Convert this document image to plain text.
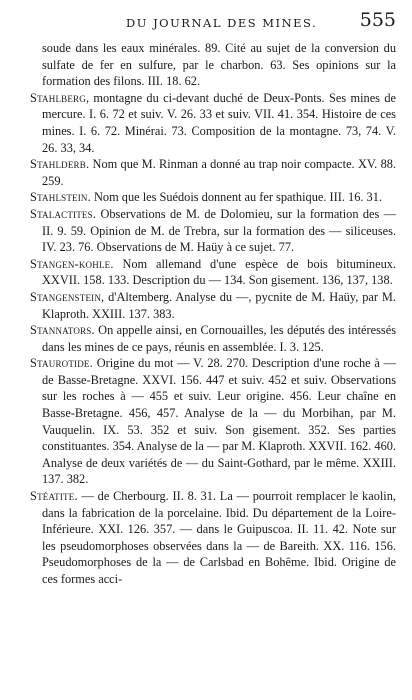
DU JOURNAL DES MINES. 555

soude dans les eaux minérales. 89. Cité au sujet de la conversion du sulfate de fer en sulfure, par le charbon. 63. Ses opinions sur la formation des filons. III. 18. 62.

Stahlberg, montagne du ci-devant duché de Deux-Ponts. Ses mines de mercure. I. 6. 72 et suiv. V. 26. 33 et suiv. VII. 41. 354. Histoire de ces mines. I. 6. 72. Minérai. 73. Composition de la montagne. 73, 74. V. 26. 33, 34.

Stahlderb. Nom que M. Rinman a donné au trap noir compacte. XV. 88. 259.

Stahlstein. Nom que les Suédois donnent au fer spathique. III. 16. 31.

Stalactites. Observations de M. de Dolomieu, sur la formation des — II. 9. 59. Opinion de M. de Trebra, sur la formation des — siliceuses. IV. 23. 76. Observations de M. Haüy à ce sujet. 77.

Stangen-kohle. Nom allemand d'une espèce de bois bitumineux. XXVII. 158. 133. Description du — 134. Son gisement. 136, 137, 138.

Stangenstein, d'Altemberg. Analyse du —, pycnite de M. Haüy, par M. Klaproth. XXIII. 137. 383.

Stannators. On appelle ainsi, en Cornouailles, les députés des intéressés dans les mines de ce pays, réunis en assemblée. I. 3. 125.

Staurotide. Origine du mot — V. 28. 270. Description d'une roche à — de Basse-Bretagne. XXVI. 156. 447 et suiv. 452 et suiv. Observations sur les roches à — 455 et suiv. Leur origine. 456. Leur chaîne en Basse-Bretagne. 456, 457. Analyse de la — du Morbihan, par M. Vauquelin. IX. 53. 352 et suiv. Son gisement. 352. Ses parties constituantes. 354. Analyse de la — par M. Klaproth. XXVII. 162. 460. Analyse de deux variétés de — du Saint-Gothard, par le même. XXIII. 137. 382.

Stéatite. — de Cherbourg. II. 8. 31. La — pourroit remplacer le kaolin, dans la fabrication de la porcelaine. Ibid. Du département de la Loire-Inférieure. XXI. 126. 357. — dans le Guipuscoa. II. 11. 42. Note sur les pseudomorphoses observées dans la — de Bareith. XX. 116. 156. Pseudomorphoses de la — de Carlsbad en Bohême. Ibid. Origine de ces formes acci-
